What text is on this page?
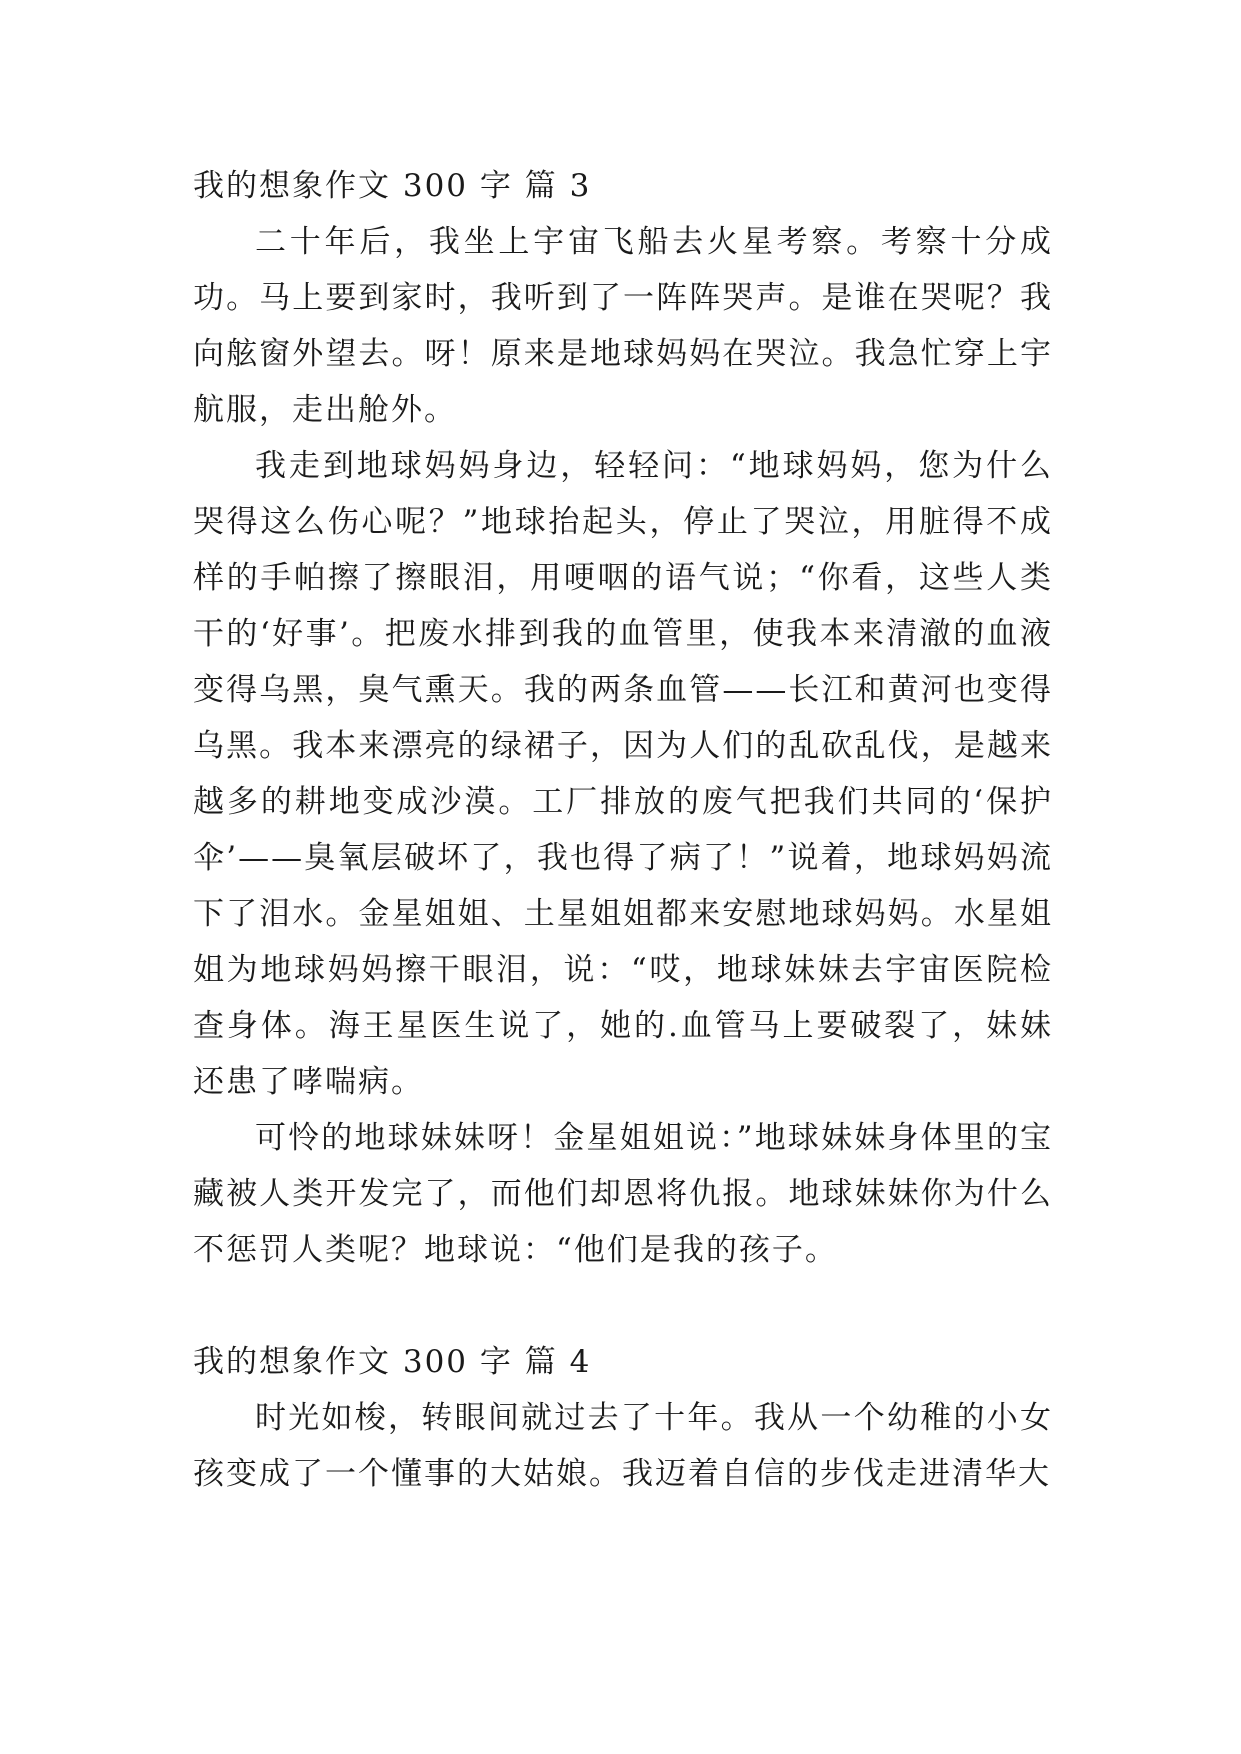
我的想象作文 300 字 篇 3

二十年后，我坐上宇宙飞船去火星考察。考察十分成功。马上要到家时，我听到了一阵阵哭声。是谁在哭呢？我向舷窗外望去。呀！原来是地球妈妈在哭泣。我急忙穿上宇航服，走出舱外。

我走到地球妈妈身边，轻轻问：“地球妈妈，您为什么哭得这么伤心呢？”地球抬起头，停止了哭泣，用脏得不成样的手帕擦了擦眼泪，用哽咽的语气说；“你看，这些人类干的‘好事’。把废水排到我的血管里，使我本来清澈的血液变得乌黑，臭气熏天。我的两条血管——长江和黄河也变得乌黑。我本来漂亮的绿裙子，因为人们的乱砍乱伐，是越来越多的耕地变成沙漠。工厂排放的废气把我们共同的‘保护伞’——臭氧层破坏了，我也得了病了！”说着，地球妈妈流下了泪水。金星姐姐、土星姐姐都来安慰地球妈妈。水星姐姐为地球妈妈擦干眼泪，说：“哎，地球妹妹去宇宙医院检查身体。海王星医生说了，她的.血管马上要破裂了，妹妹还患了哮喘病。

可怜的地球妹妹呀！金星姐姐说：”地球妹妹身体里的宝藏被人类开发完了，而他们却恩将仇报。地球妹妹你为什么不惩罚人类呢？地球说：“他们是我的孩子。

我的想象作文 300 字 篇 4

时光如梭，转眼间就过去了十年。我从一个幼稚的小女孩变成了一个懂事的大姑娘。我迈着自信的步伐走进清华大
